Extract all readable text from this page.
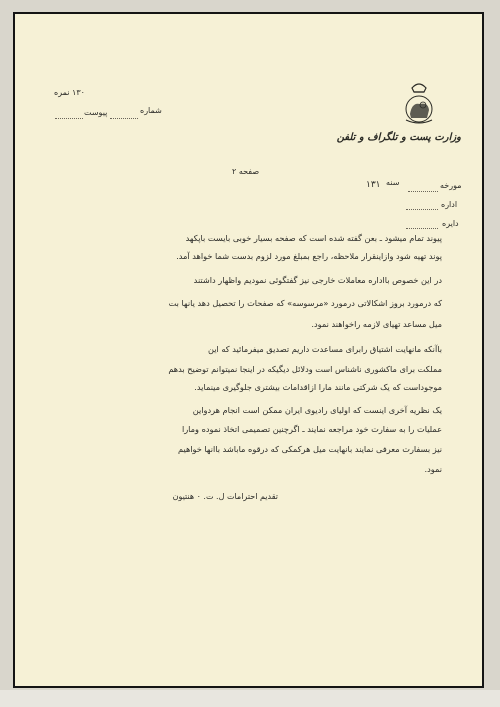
۱۳۰ نمره
شماره
پیوست
وزارت پست و تلگراف و تلفن
صفحه ۲
مورخه
سنه
۱۳۱
اداره
دایره
پیوند تمام میشود ـ بعن گفته شده است که صفحه بسیار خوبی بایست باپکهد
پوند تهیه شود وازاینقرار ملاحظه، راجع بمبلغ مورد لزوم بدست شما خواهد آمد.
در این خصوص بااداره معاملات خارجی نیز گفتگوئی نمودیم واظهار داشتند
که درمورد بروز اشکالاتی درمورد «مرسوسه» که صفحات را تحصیل دهد یانها بت
میل مساعد تهیای لازمه راخواهند نمود.
باآنکه مانهایت اشتیاق رابرای مساعدت داریم تصدیق میفرمائید که این
مملکت برای ماکشوری ناشناس است ودلائل دیگیکه در اینجا نمیتوانم توضیح بدهم
موجوداست که یک شرکتی مانند مارا ازاقدامات بیشتری جلوگیری مینماید.
یک نظریه آخری اینست که اولیای رادیوی ایران ممکن است انجام هردواین
عملیات را به سفارت خود مراجعه نمایند ـ اگرچنین تصمیمی اتخاذ نموده ومارا
نیز بسفارت معرفی نمایند بانهایت میل هرکمکی که درقوه ماباشد باانها خواهیم
نمود.
تقدیم احترامات ل. ت. ۰ هنتیون
